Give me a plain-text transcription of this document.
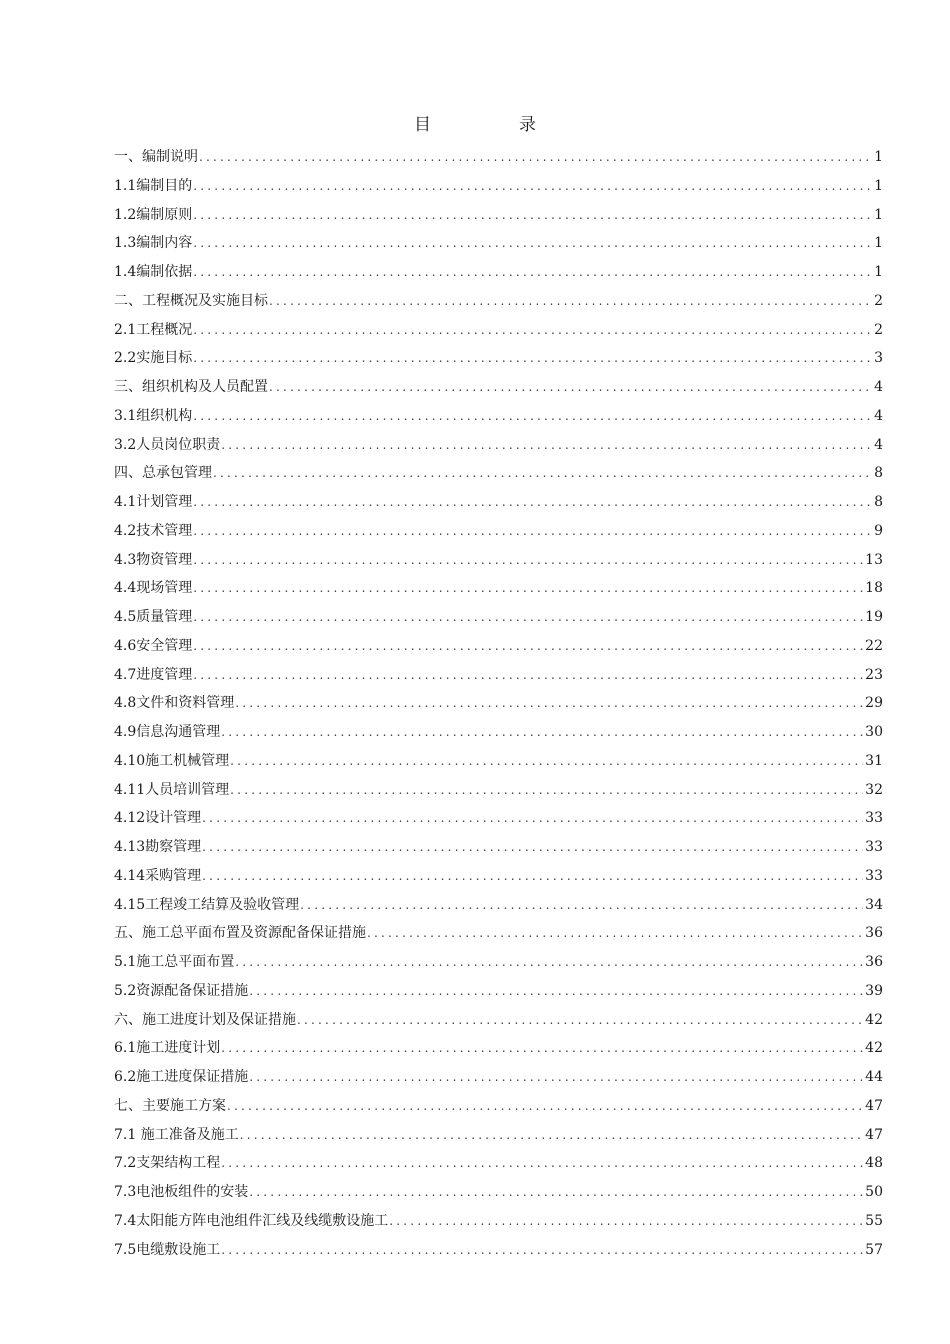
目	录
一、编制说明 .....	1
1.1编制目的 .....	1
1.2编制原则 .....	1
1.3编制内容 .....	1
1.4编制依据 .....	1
二、工程概况及实施目标 .....	2
2.1工程概况 .....	2
2.2实施目标 .....	3
三、组织机构及人员配置 .....	4
3.1组织机构 .....	4
3.2人员岗位职责 .....	4
四、总承包管理 .....	8
4.1计划管理 .....	8
4.2技术管理 .....	9
4.3物资管理 .....	13
4.4现场管理 .....	18
4.5质量管理 .....	19
4.6安全管理 .....	22
4.7进度管理 .....	23
4.8文件和资料管理 .....	29
4.9信息沟通管理 .....	30
4.10施工机械管理 .....	31
4.11人员培训管理 .....	32
4.12设计管理 .....	33
4.13勘察管理 .....	33
4.14采购管理 .....	33
4.15工程竣工结算及验收管理 .....	34
五、施工总平面布置及资源配备保证措施 .....	36
5.1施工总平面布置 .....	36
5.2资源配备保证措施 .....	39
六、施工进度计划及保证措施 .....	42
6.1施工进度计划 .....	42
6.2施工进度保证措施 .....	44
七、主要施工方案 .....	47
7.1 施工准备及施工 .....	47
7.2支架结构工程 .....	48
7.3电池板组件的安装 .....	50
7.4太阳能方阵电池组件汇线及线缆敷设施工 .....	55
7.5电缆敷设施工 .....	57
